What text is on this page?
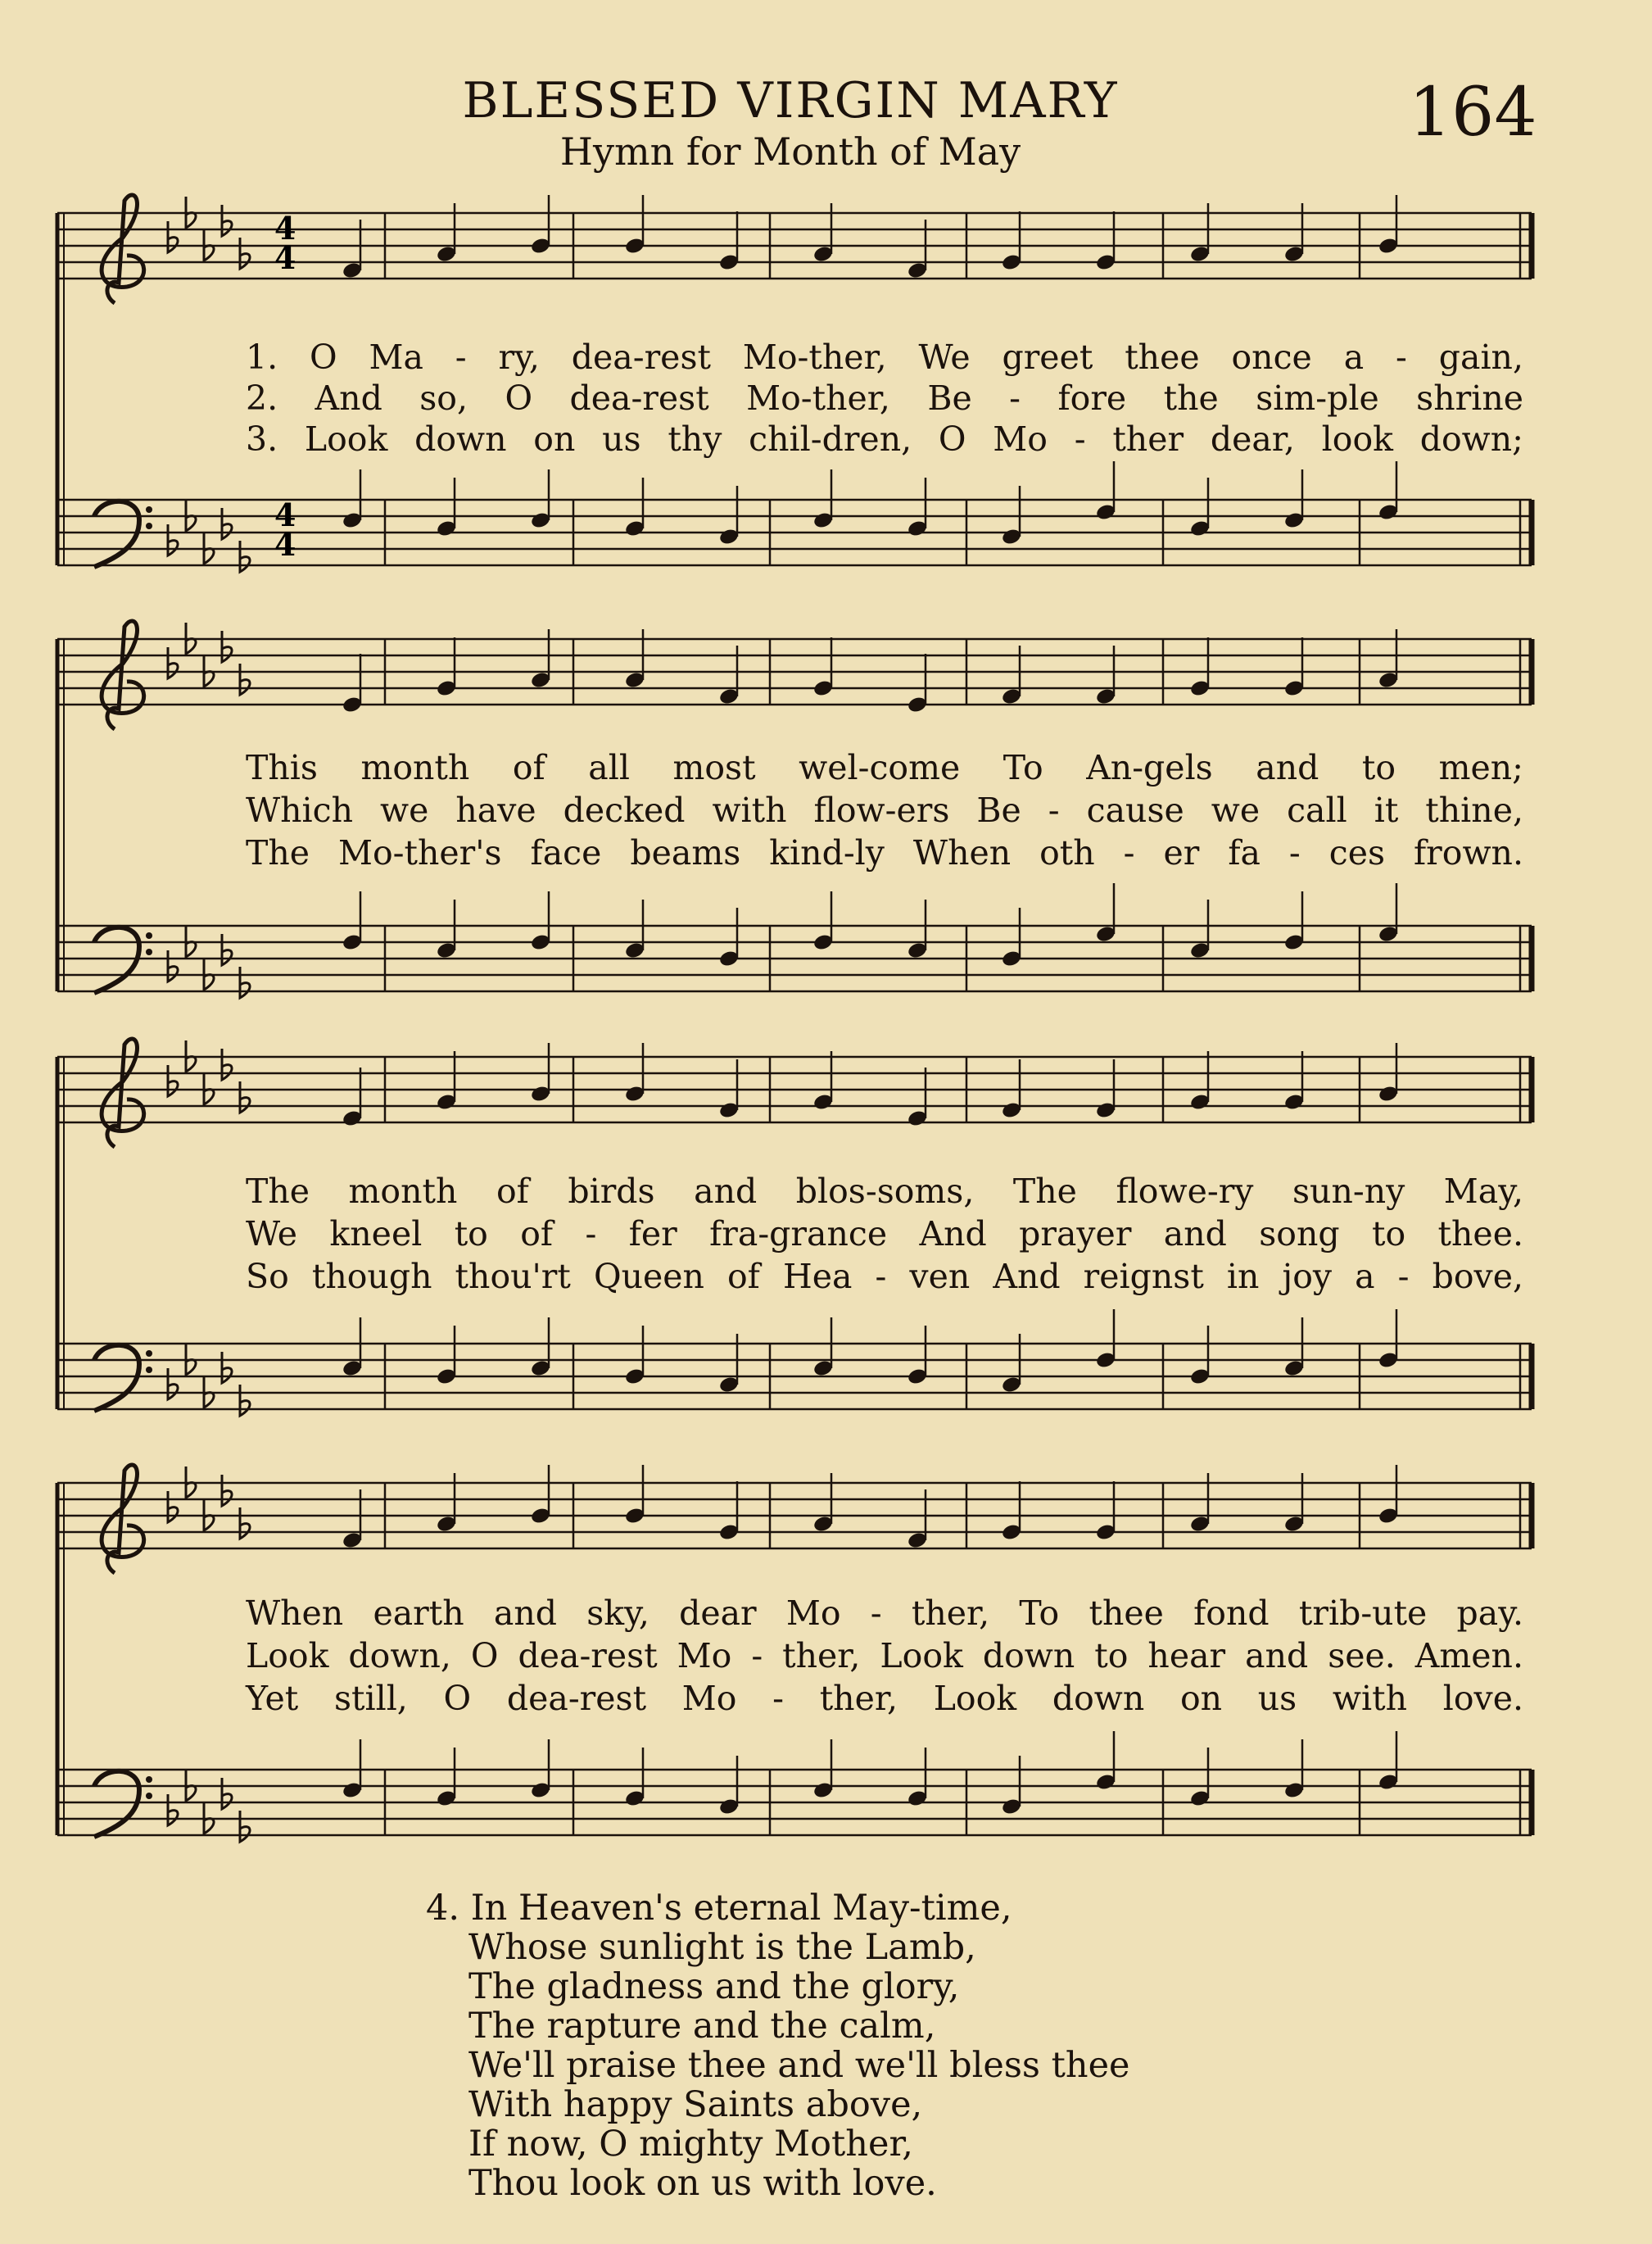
BLESSED VIRGIN MARY
Hymn for Month of May	164
4
4
4
4
1. O Ma - ry, dea-rest Mo-ther, We greet thee once a - gain,
2. And so, O dea-rest Mo-ther, Be - fore the sim-ple shrine
3. Look down on us thy chil-dren, O Mo - ther dear, look down;
This month of all most wel-come To An-gels and to men;
Which we have decked with flow-ers Be - cause we call it thine,
The Mo-ther's face beams kind-ly When oth - er fa - ces frown.
The month of birds and blos-soms, The flowe-ry sun-ny May,
We kneel to of - fer fra-grance And prayer and song to thee.
So though thou'rt Queen of Hea - ven And reignst in joy a - bove,
When earth and sky, dear Mo - ther, To thee fond trib-ute pay.
Look down, O dea-rest Mo - ther, Look down to hear and see. Amen.
Yet still, O dea-rest Mo - ther, Look down on us with love.
4. In Heaven's eternal May-time,
Whose sunlight is the Lamb,
The gladness and the glory,
The rapture and the calm,
We'll praise thee and we'll bless thee
With happy Saints above,
If now, O mighty Mother,
Thou look on us with love.
